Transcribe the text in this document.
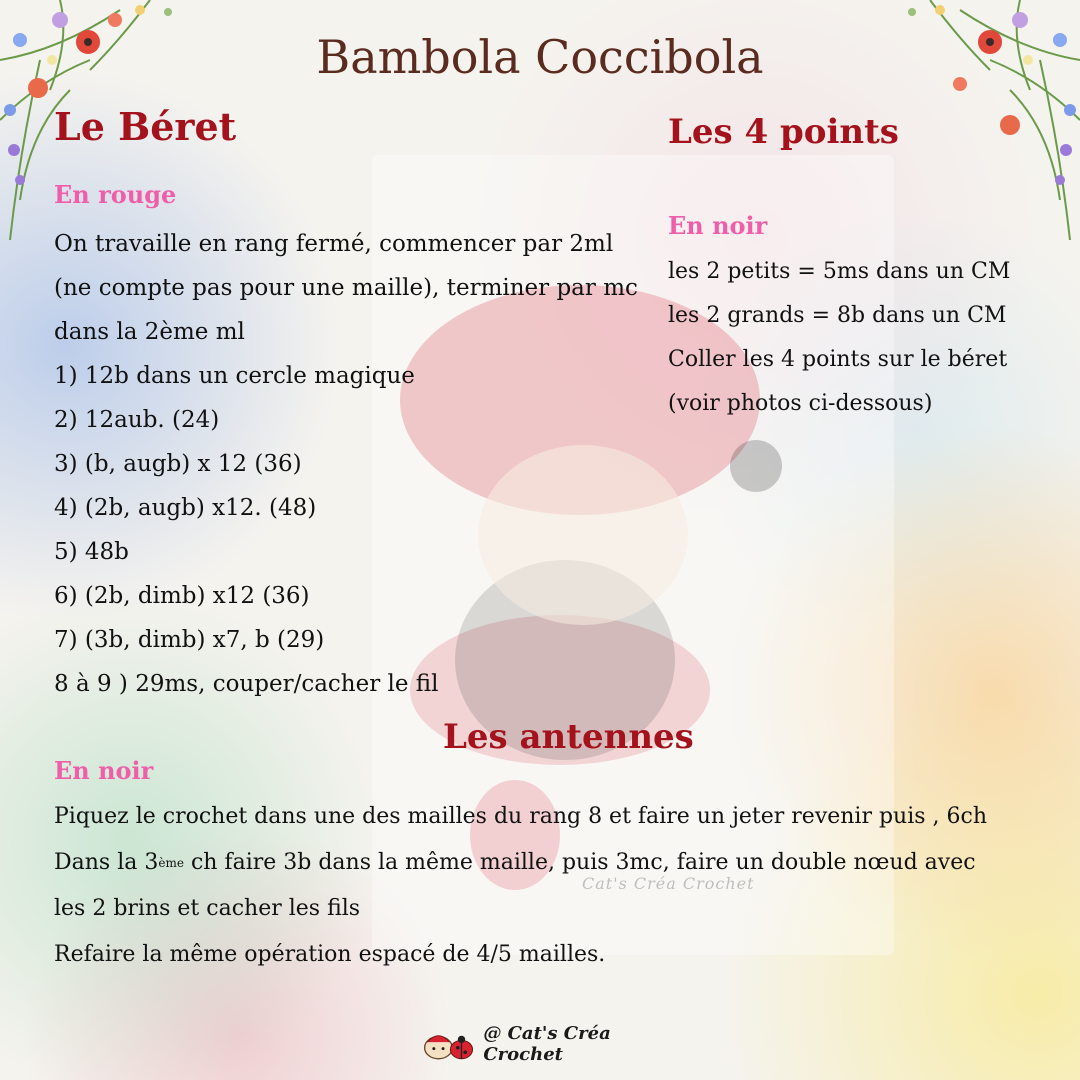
Bambola Coccibola
Le Béret
En rouge
On travaille en rang fermé, commencer par 2ml
(ne compte pas pour une maille), terminer par mc
dans la 2ème ml
1) 12b dans un cercle magique
2) 12aub. (24)
3) (b, augb) x 12 (36)
4) (2b, augb) x12. (48)
5) 48b
6) (2b, dimb) x12 (36)
7) (3b, dimb) x7, b (29)
8 à 9 ) 29ms, couper/cacher le fil
Les 4 points
En noir
les 2 petits = 5ms dans un CM
les 2 grands = 8b dans un CM
Coller les 4 points sur le béret
(voir photos ci-dessous)
Les antennes
En noir
Piquez le crochet dans une des mailles du rang 8 et faire un jeter revenir puis , 6ch
Dans la 3ème ch faire 3b dans la même maille, puis 3mc, faire un double nœud avec
les 2 brins et cacher les fils
Refaire la même opération espacé de 4/5 mailles.
Cat's Créa Crochet
@ Cat's Créa Crochet
